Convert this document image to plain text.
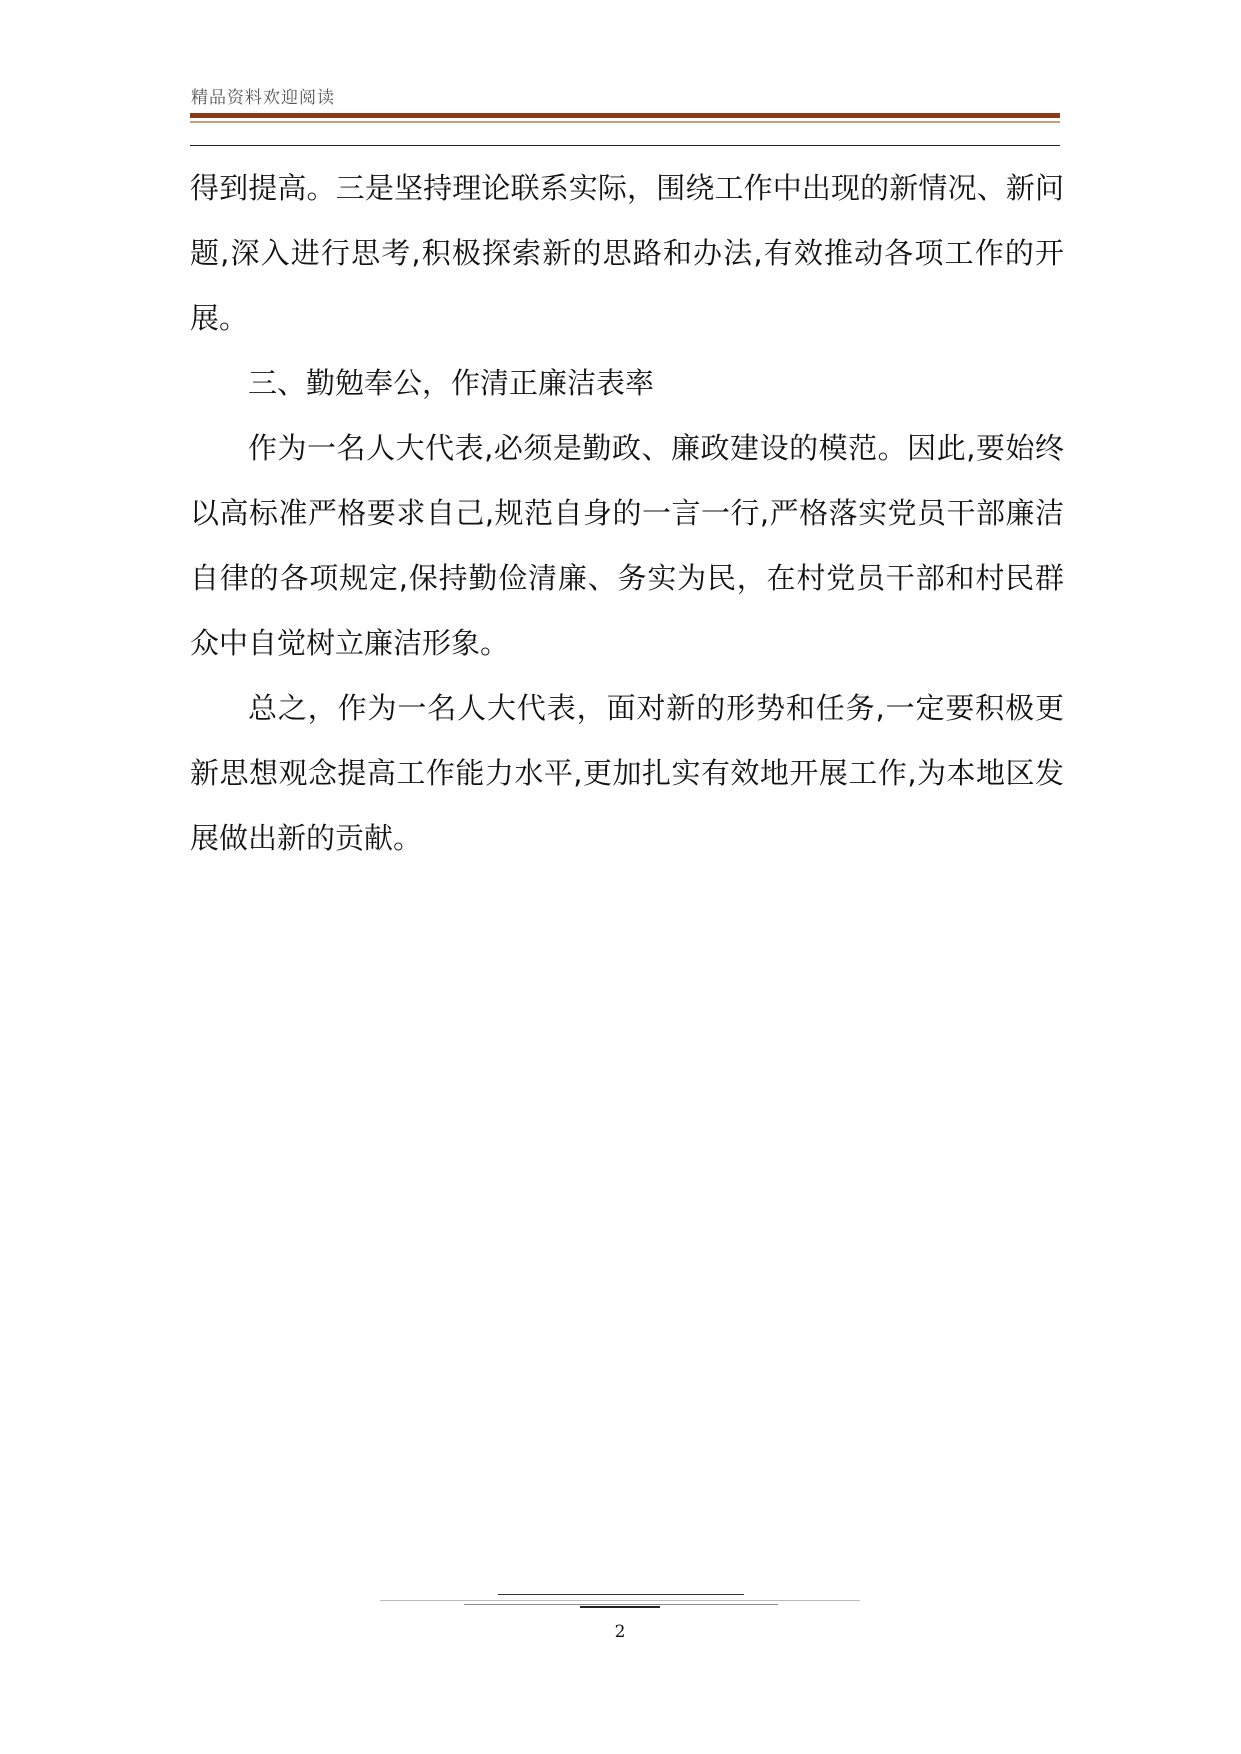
精品资料欢迎阅读

得到提高。三是坚持理论联系实际，围绕工作中出现的新情况、新问题,深入进行思考,积极探索新的思路和办法,有效推动各项工作的开展。

三、勤勉奉公，作清正廉洁表率

作为一名人大代表,必须是勤政、廉政建设的模范。因此,要始终以高标准严格要求自己,规范自身的一言一行,严格落实党员干部廉洁自律的各项规定,保持勤俭清廉、务实为民，在村党员干部和村民群众中自觉树立廉洁形象。

总之，作为一名人大代表，面对新的形势和任务,一定要积极更新思想观念提高工作能力水平,更加扎实有效地开展工作,为本地区发展做出新的贡献。

2
